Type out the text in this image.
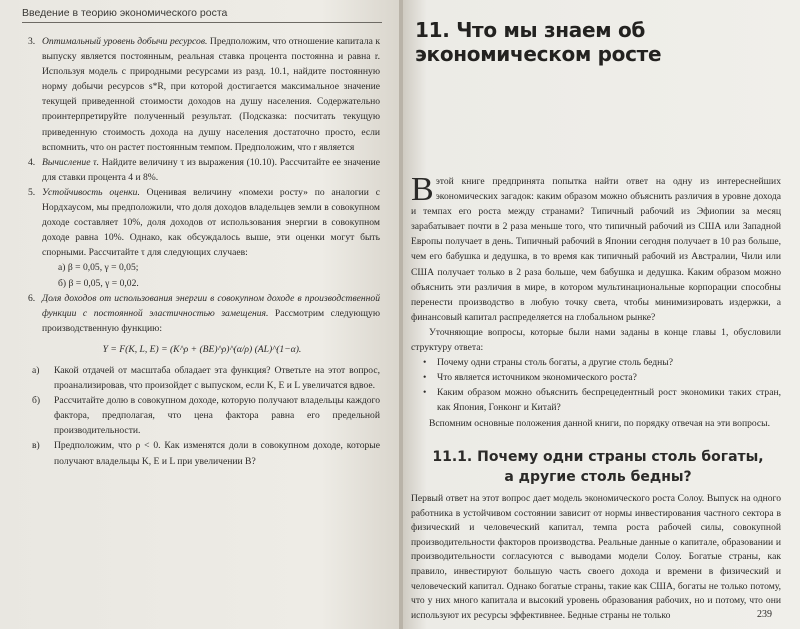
Введение в теорию экономического роста
3. Оптимальный уровень добычи ресурсов. Предположим, что отношение капитала к выпуску является постоянным, реальная ставка процента постоянна и равна r. Используя модель с природными ресурсами из разд. 10.1, найдите постоянную норму добычи ресурсов s*R, при которой достигается максимальное значение текущей приведенной стоимости доходов на душу населения. Содержательно проинтерпретируйте полученный результат. (Подсказка: посчитать текущую приведенную стоимость дохода на душу населения достаточно просто, если вспомнить, что он растет постоянным темпом. Предположим, что r является
4. Вычисление τ. Найдите величину τ из выражения (10.10). Рассчитайте ее значение для ставки процента 4 и 8%.
5. Устойчивость оценки. Оценивая величину «помехи росту» по аналогии с Нордхаусом, мы предположили, что доля доходов владельцев земли в совокупном доходе составляет 10%, доля доходов от использования энергии в совокупном доходе равна 10%. Однако, как обсуждалось выше, эти оценки могут быть спорными. Рассчитайте τ для следующих случаев:
а) β = 0,05, γ = 0,05;
б) β = 0,05, γ = 0,02.
6. Доля доходов от использования энергии в совокупном доходе в производственной функции с постоянной эластичностью замещения. Рассмотрим следующую производственную функцию:
Y = F(K, L, E) = (K^ρ + (BE)^ρ)^(α/ρ) (AL)^(1−α).
а) Какой отдачей от масштаба обладает эта функция? Ответьте на этот вопрос, проанализировав, что произойдет с выпуском, если K, E и L увеличатся вдвое.
б) Рассчитайте долю в совокупном доходе, которую получают владельцы каждого фактора, предполагая, что цена фактора равна его предельной производительности.
в) Предположим, что ρ < 0. Как изменятся доли в совокупном доходе, которые получают владельцы K, E и L при увеличении B?
11. Что мы знаем об экономическом росте
Вэтой книге предпринята попытка найти ответ на одну из интереснейших экономических загадок: каким образом можно объяснить различия в уровне дохода и темпах его роста между странами? Типичный рабочий из Эфиопии за месяц зарабатывает почти в 2 раза меньше того, что типичный рабочий из США или Западной Европы получает в день. Типичный рабочий в Японии сегодня получает в 10 раз больше, чем его бабушка и дедушка, в то время как типичный рабочий из Австралии, Чили или США получает только в 2 раза больше, чем бабушка и дедушка. Каким образом можно объяснить эти различия в мире, в котором мультинациональные корпорации способны перенести производство в любую точку света, чтобы минимизировать издержки, а финансовый капитал распределяется на глобальном рынке?
Уточняющие вопросы, которые были нами заданы в конце главы 1, обусловили структуру ответа:
• Почему одни страны столь богаты, а другие столь бедны?
• Что является источником экономического роста?
• Каким образом можно объяснить беспрецедентный рост экономики таких стран, как Япония, Гонконг и Китай?
Вспомним основные положения данной книги, по порядку отвечая на эти вопросы.
11.1. Почему одни страны столь богаты,
а другие столь бедны?
Первый ответ на этот вопрос дает модель экономического роста Солоу. Выпуск на одного работника в устойчивом состоянии зависит от нормы инвестирования частного сектора в физический и человеческий капитал, темпа роста рабочей силы, совокупной производительности факторов производства. Реальные данные о капитале, образовании и производительности согласуются с выводами модели Солоу. Богатые страны, как правило, инвестируют большую часть своего дохода и времени в физический и человеческий капитал. Однако богатые страны, такие как США, богаты не только потому, что у них много капитала и высокий уровень образования рабочих, но и потому, что они используют их ресурсы эффективнее. Бедные страны не только	239
